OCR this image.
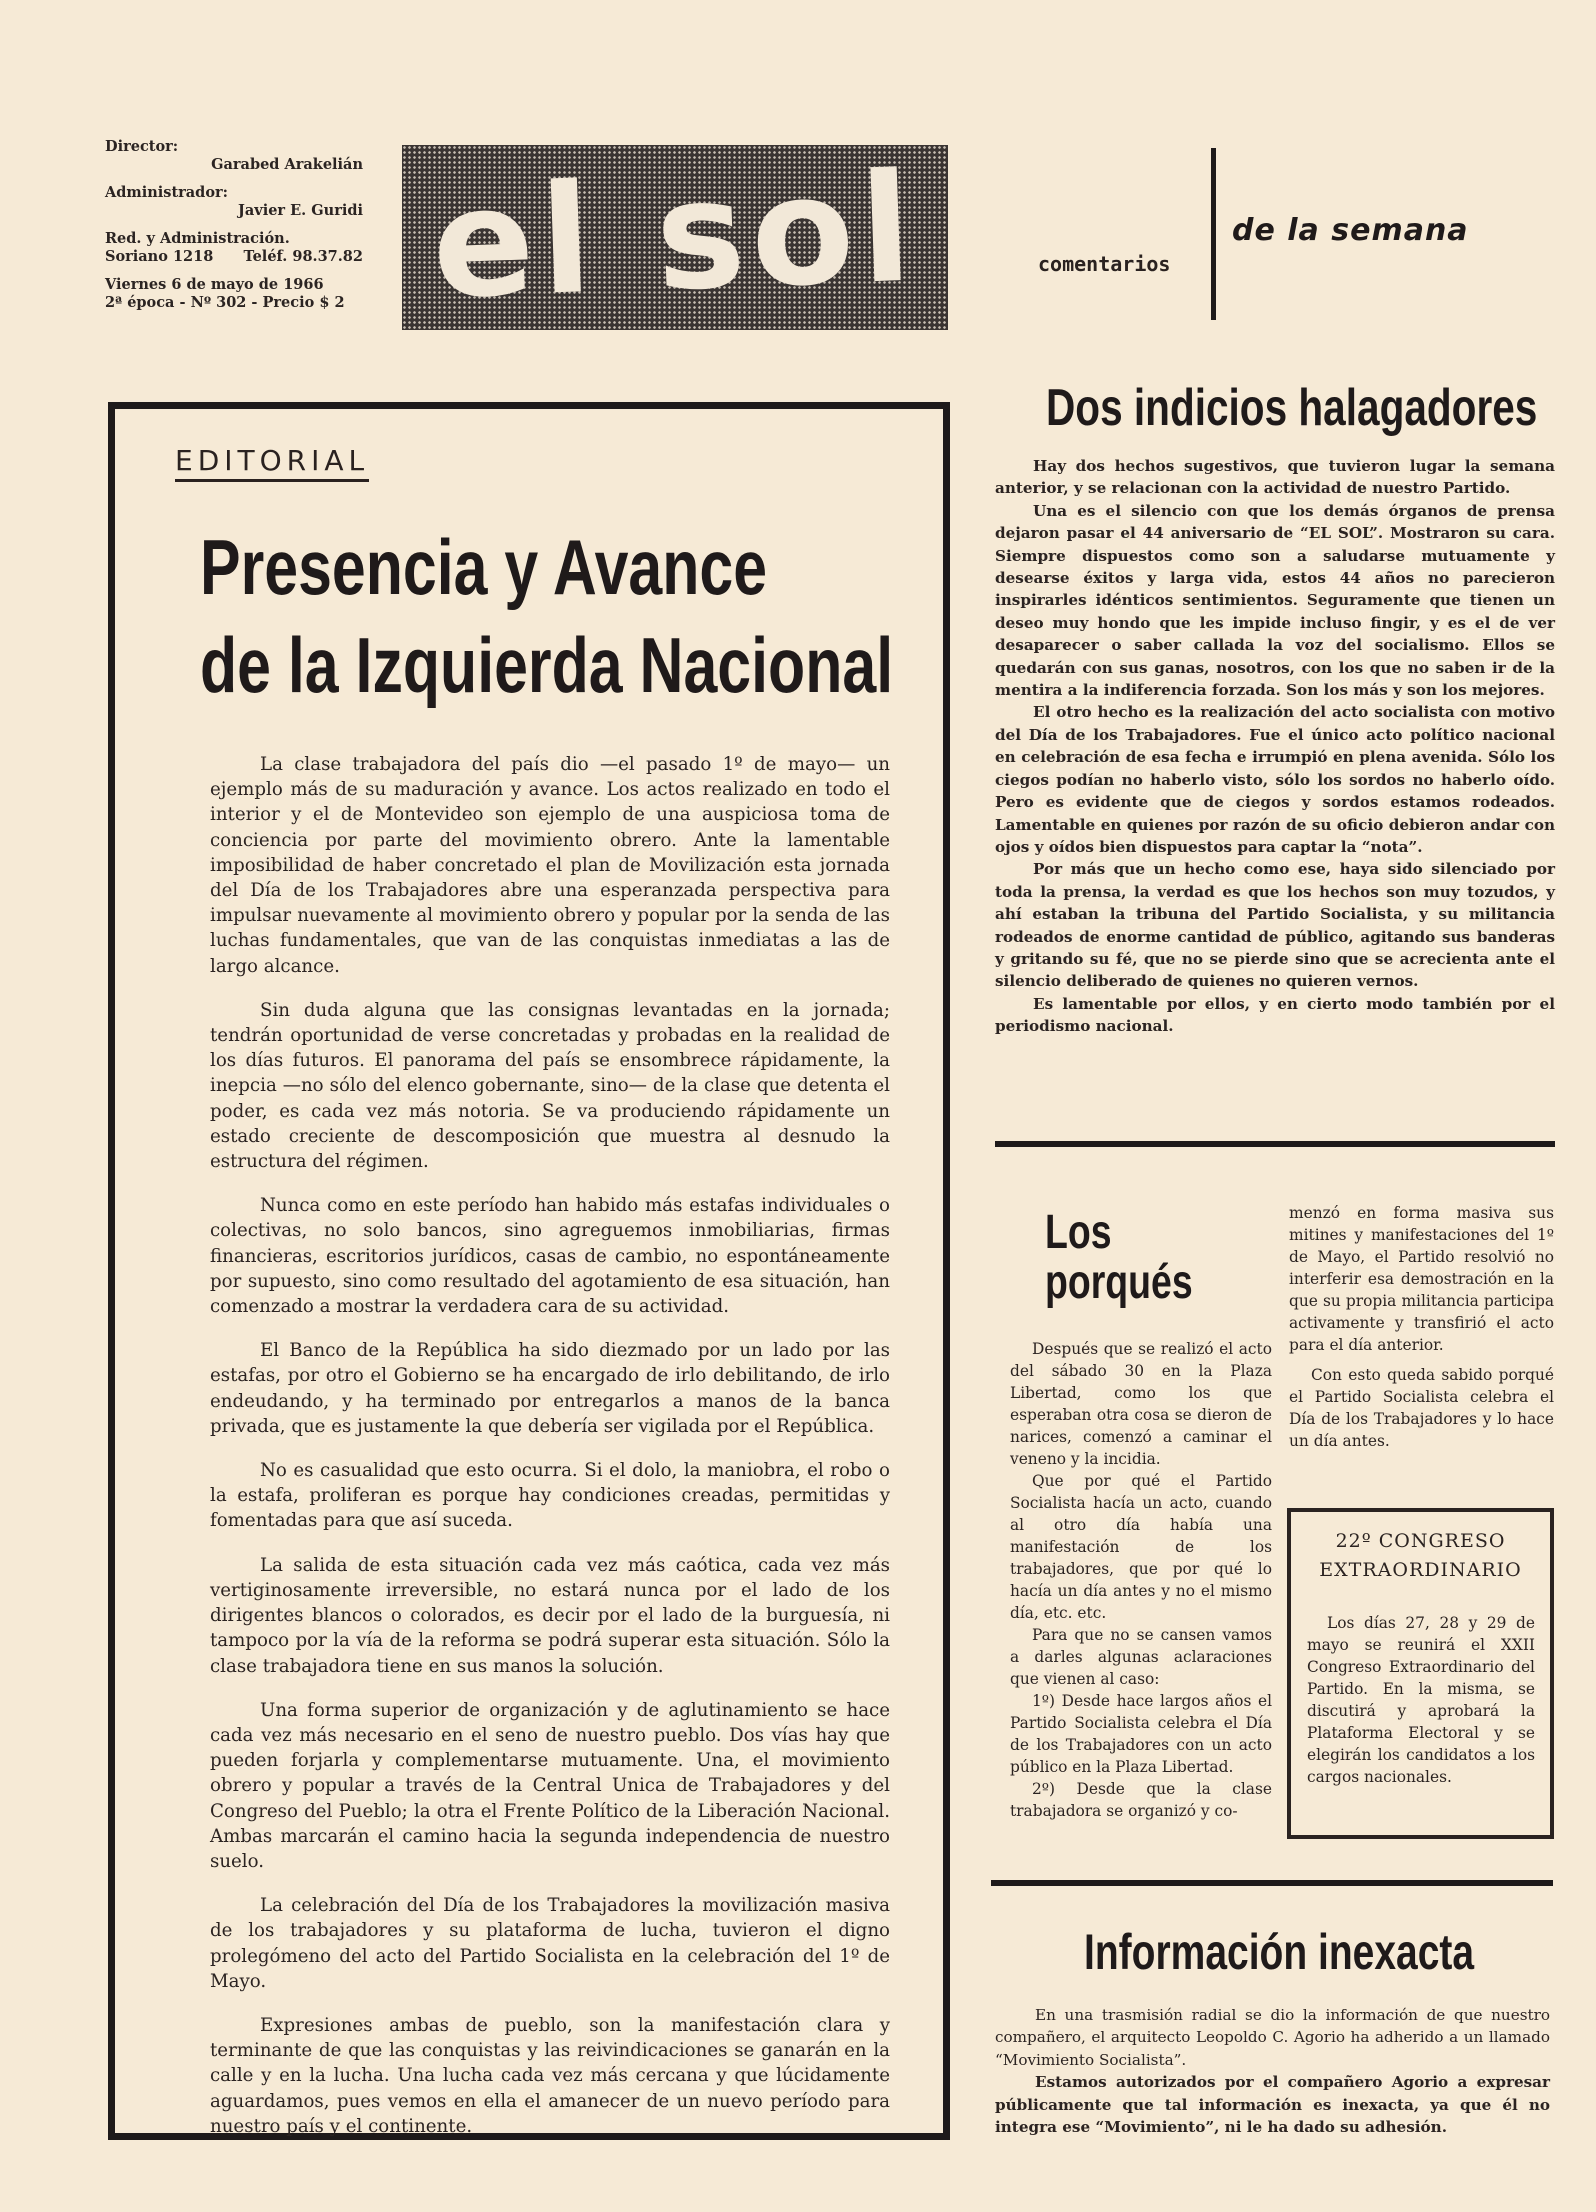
Director:
Garabed Arakelián
Administrador:
Javier E. Guridi
Red. y Administración.
Soriano 1218 Teléf. 98.37.82
Viernes 6 de mayo de 1966
2ª época - Nº 302 - Precio $ 2 el sol	comentarios
de la semana
EDITORIAL
Presencia y Avance
de la Izquierda Nacional

La clase trabajadora del país dio —el pasado 1º de mayo— un ejemplo más de su maduración y avance. Los actos realizado en todo el interior y el de Montevideo son ejemplo de una auspiciosa toma de conciencia por parte del movimiento obrero. Ante la lamentable imposibilidad de haber concretado el plan de Movilización esta jornada del Día de los Trabajadores abre una esperanzada perspectiva para impulsar nuevamente al movimiento obrero y popular por la senda de las luchas fundamentales, que van de las conquistas inmediatas a las de largo alcance.

Sin duda alguna que las consignas levantadas en la jornada; tendrán oportunidad de verse concretadas y probadas en la realidad de los días futuros. El panorama del país se ensombrece rápidamente, la inepcia —no sólo del elenco gobernante, sino— de la clase que detenta el poder, es cada vez más notoria. Se va produciendo rápidamente un estado creciente de descomposición que muestra al desnudo la estructura del régimen.

Nunca como en este período han habido más estafas individuales o colectivas, no solo bancos, sino agreguemos inmobiliarias, firmas financieras, escritorios jurídicos, casas de cambio, no espontáneamente por supuesto, sino como resultado del agotamiento de esa situación, han comenzado a mostrar la verdadera cara de su actividad.

El Banco de la República ha sido diezmado por un lado por las estafas, por otro el Gobierno se ha encargado de irlo debilitando, de irlo endeudando, y ha terminado por entregarlos a manos de la banca privada, que es justamente la que debería ser vigilada por el República.

No es casualidad que esto ocurra. Si el dolo, la maniobra, el robo o la estafa, proliferan es porque hay condiciones creadas, permitidas y fomentadas para que así suceda.

La salida de esta situación cada vez más caótica, cada vez más vertiginosamente irreversible, no estará nunca por el lado de los dirigentes blancos o colorados, es decir por el lado de la burguesía, ni tampoco por la vía de la reforma se podrá superar esta situación. Sólo la clase trabajadora tiene en sus manos la solución.

Una forma superior de organización y de aglutinamiento se hace cada vez más necesario en el seno de nuestro pueblo. Dos vías hay que pueden forjarla y complementarse mutuamente. Una, el movimiento obrero y popular a través de la Central Unica de Trabajadores y del Congreso del Pueblo; la otra el Frente Político de la Liberación Nacional. Ambas marcarán el camino hacia la segunda independencia de nuestro suelo.

La celebración del Día de los Trabajadores la movilización masiva de los trabajadores y su plataforma de lucha, tuvieron el digno prolegómeno del acto del Partido Socialista en la celebración del 1º de Mayo.

Expresiones ambas de pueblo, son la manifestación clara y terminante de que las conquistas y las reivindicaciones se ganarán en la calle y en la lucha. Una lucha cada vez más cercana y que lúcidamente aguardamos, pues vemos en ella el amanecer de un nuevo período para nuestro país y el continente.

Dos indicios halagadores

Hay dos hechos sugestivos, que tuvieron lugar la semana anterior, y se relacionan con la actividad de nuestro Partido.

Una es el silencio con que los demás órganos de prensa dejaron pasar el 44 aniversario de “EL SOL”. Mostraron su cara. Siempre dispuestos como son a saludarse mutuamente y desearse éxitos y larga vida, estos 44 años no parecieron inspirarles idénticos sentimientos. Seguramente que tienen un deseo muy hondo que les impide incluso fingir, y es el de ver desaparecer o saber callada la voz del socialismo. Ellos se quedarán con sus ganas, nosotros, con los que no saben ir de la mentira a la indiferencia forzada. Son los más y son los mejores.

El otro hecho es la realización del acto socialista con motivo del Día de los Trabajadores. Fue el único acto político nacional en celebración de esa fecha e irrumpió en plena avenida. Sólo los ciegos podían no haberlo visto, sólo los sordos no haberlo oído. Pero es evidente que de ciegos y sordos estamos rodeados. Lamentable en quienes por razón de su oficio debieron andar con ojos y oídos bien dispuestos para captar la “nota”.

Por más que un hecho como ese, haya sido silenciado por toda la prensa, la verdad es que los hechos son muy tozudos, y ahí estaban la tribuna del Partido Socialista, y su militancia rodeados de enorme cantidad de público, agitando sus banderas y gritando su fé, que no se pierde sino que se acrecienta ante el silencio deliberado de quienes no quieren vernos.

Es lamentable por ellos, y en cierto modo también por el periodismo nacional.

Los
porqués

Después que se realizó el acto del sábado 30 en la Plaza Libertad, como los que esperaban otra cosa se dieron de narices, comenzó a caminar el veneno y la incidia.

Que por qué el Partido Socialista hacía un acto, cuando al otro día había una manifestación de los trabajadores, que por qué lo hacía un día antes y no el mismo día, etc. etc.

Para que no se cansen vamos a darles algunas aclaraciones que vienen al caso:

1º) Desde hace largos años el Partido Socialista celebra el Día de los Trabajadores con un acto público en la Plaza Libertad.

2º) Desde que la clase trabajadora se organizó y co-

menzó en forma masiva sus mitines y manifestaciones del 1º de Mayo, el Partido resolvió no interferir esa demostración en la que su propia militancia participa activamente y transfirió el acto para el día anterior.

Con esto queda sabido porqué el Partido Socialista celebra el Día de los Trabajadores y lo hace un día antes.

22º CONGRESO
EXTRAORDINARIO

Los días 27, 28 y 29 de mayo se reunirá el XXII Congreso Extraordinario del Partido. En la misma, se discutirá y aprobará la Plataforma Electoral y se elegirán los candidatos a los cargos nacionales.

Información inexacta

En una trasmisión radial se dio la información de que nuestro compañero, el arquitecto Leopoldo C. Agorio ha adherido a un llamado “Movimiento Socialista”.

Estamos autorizados por el compañero Agorio a expresar públicamente que tal información es inexacta, ya que él no integra ese “Movimiento”, ni le ha dado su adhesión.
